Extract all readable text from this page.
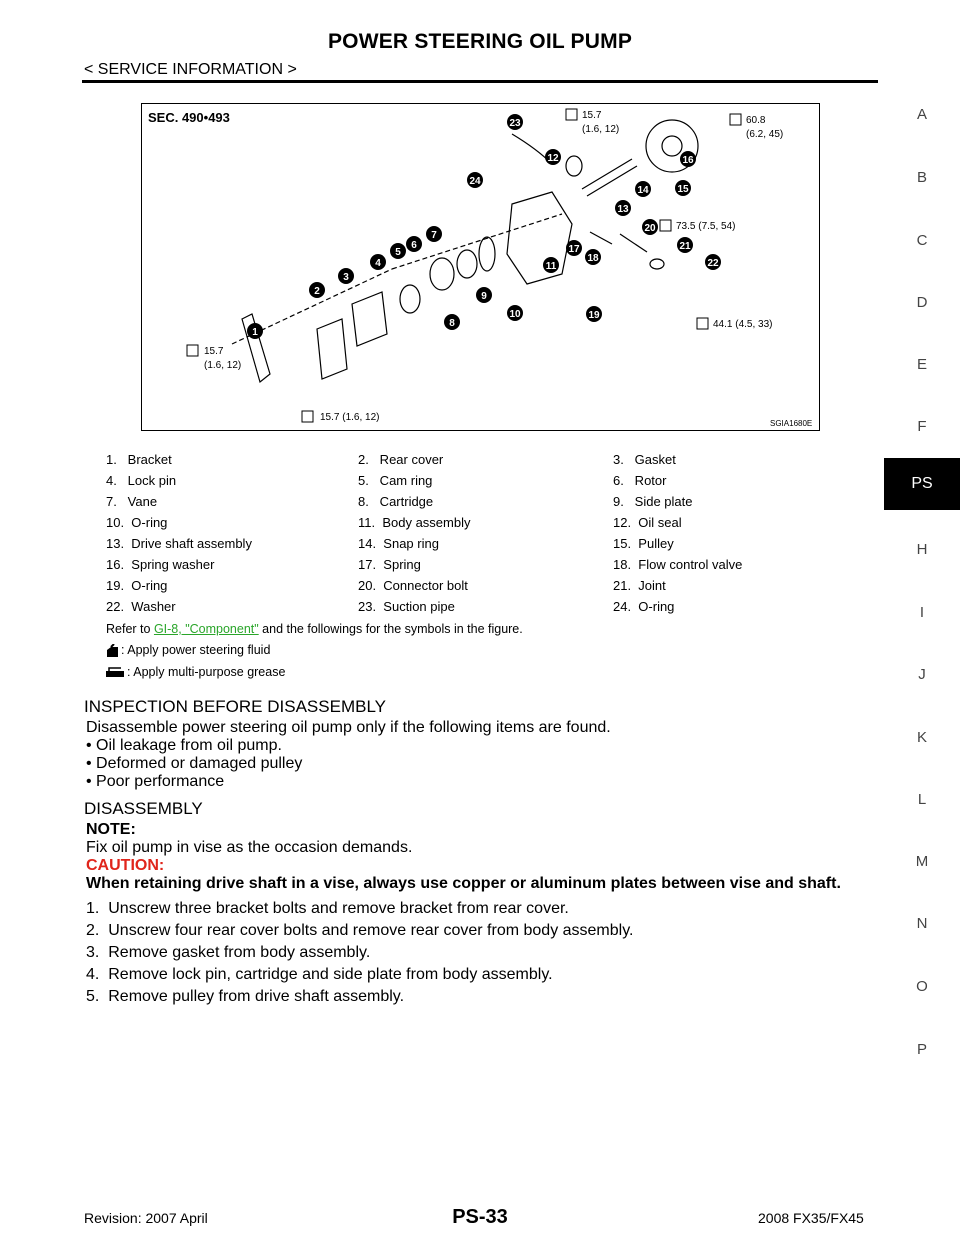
POWER STEERING OIL PUMP
< SERVICE INFORMATION >
A
B
C
D
E
F
PS
H
I
J
K
L
M
N
O
P
SEC. 490•493
SGIA1680E
15.7
(1.6, 12)
60.8
(6.2, 45)
73.5 (7.5, 54)
44.1 (4.5, 33)
15.7
(1.6, 12)
15.7 (1.6, 12)
1
2
3
4
5
6
7
8
9
10
11
12
13
14	15
16
17
18
19
20
21
22
23
24
1.   Bracket	2.   Rear cover	3.   Gasket
4.   Lock pin	5.   Cam ring	6.   Rotor
7.   Vane	8.   Cartridge	9.   Side plate
10.  O-ring	11.  Body assembly	12.  Oil seal
13.  Drive shaft assembly	14.  Snap ring	15.  Pulley
16.  Spring washer	17.  Spring	18.  Flow control valve
19.  O-ring	20.  Connector bolt	21.  Joint
22.  Washer	23.  Suction pipe	24.  O-ring
Refer to GI-8, "Component" and the followings for the symbols in the figure.
: Apply power steering fluid
: Apply multi-purpose grease
INSPECTION BEFORE DISASSEMBLY
Disassemble power steering oil pump only if the following items are found.
• Oil leakage from oil pump.
• Deformed or damaged pulley
• Poor performance
DISASSEMBLY
NOTE:
Fix oil pump in vise as the occasion demands.
CAUTION:
When retaining drive shaft in a vise, always use copper or aluminum plates between vise and shaft.
1.  Unscrew three bracket bolts and remove bracket from rear cover.
2.  Unscrew four rear cover bolts and remove rear cover from body assembly.
3.  Remove gasket from body assembly.
4.  Remove lock pin, cartridge and side plate from body assembly.
5.  Remove pulley from drive shaft assembly.
Revision: 2007 April	PS-33	2008 FX35/FX45
